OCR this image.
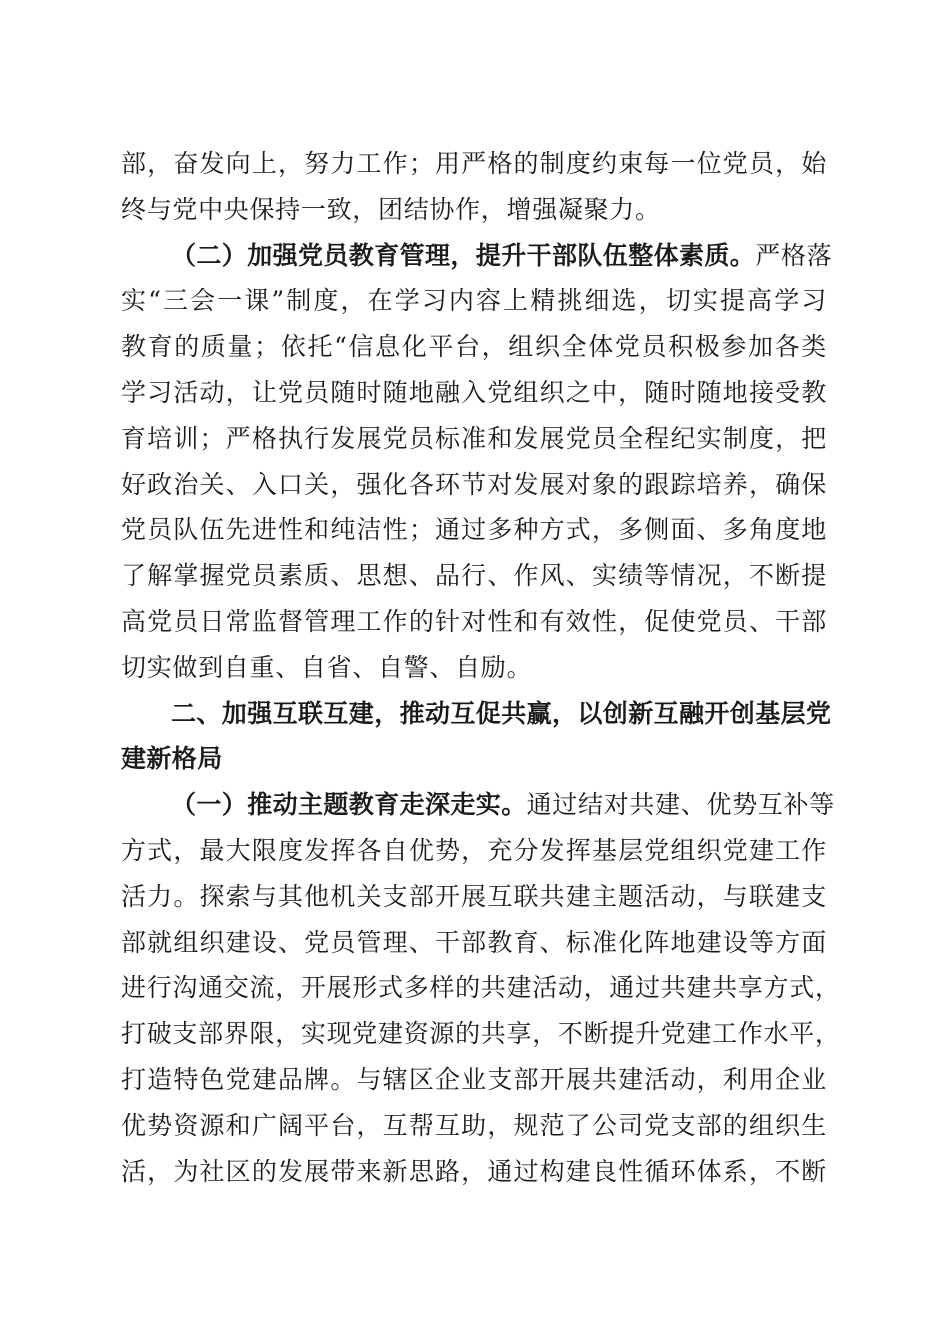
部，奋发向上，努力工作；用严格的制度约束每一位党员，始
终与党中央保持一致，团结协作，增强凝聚力。
（二）加强党员教育管理，提升干部队伍整体素质。严格落
实“三会一课”制度，在学习内容上精挑细选，切实提高学习
教育的质量；依托“信息化平台，组织全体党员积极参加各类
学习活动，让党员随时随地融入党组织之中，随时随地接受教
育培训；严格执行发展党员标准和发展党员全程纪实制度，把
好政治关、入口关，强化各环节对发展对象的跟踪培养，确保
党员队伍先进性和纯洁性；通过多种方式，多侧面、多角度地
了解掌握党员素质、思想、品行、作风、实绩等情况，不断提
高党员日常监督管理工作的针对性和有效性，促使党员、干部
切实做到自重、自省、自警、自励。
二、加强互联互建，推动互促共赢，以创新互融开创基层党
建新格局
（一）推动主题教育走深走实。通过结对共建、优势互补等
方式，最大限度发挥各自优势，充分发挥基层党组织党建工作
活力。探索与其他机关支部开展互联共建主题活动，与联建支
部就组织建设、党员管理、干部教育、标准化阵地建设等方面
进行沟通交流，开展形式多样的共建活动，通过共建共享方式，
打破支部界限，实现党建资源的共享，不断提升党建工作水平，
打造特色党建品牌。与辖区企业支部开展共建活动，利用企业
优势资源和广阔平台，互帮互助，规范了公司党支部的组织生
活，为社区的发展带来新思路，通过构建良性循环体系，不断
